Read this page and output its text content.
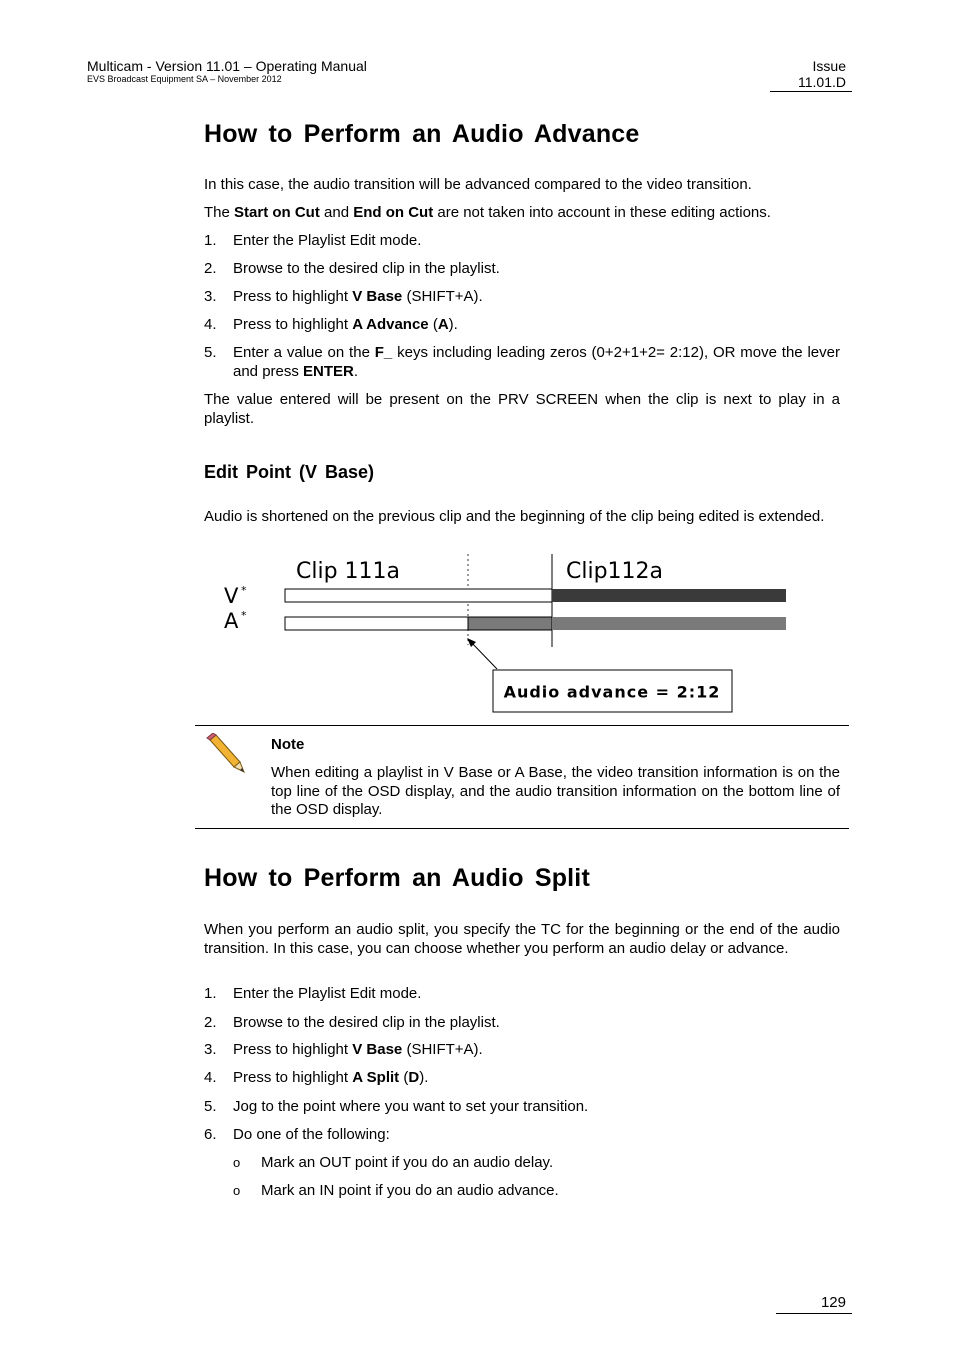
Multicam - Version 11.01 – Operating Manual
EVS Broadcast Equipment SA – November 2012
Issue
11.01.D
How to Perform an Audio Advance
In this case, the audio transition will be advanced compared to the video transition.
The Start on Cut and End on Cut are not taken into account in these editing actions.
1. Enter the Playlist Edit mode.
2. Browse to the desired clip in the playlist.
3. Press to highlight V Base (SHIFT+A).
4. Press to highlight A Advance (A).
5. Enter a value on the F_ keys including leading zeros (0+2+1+2= 2:12), OR move the lever and press ENTER.
The value entered will be present on the PRV SCREEN when the clip is next to play in a playlist.
Edit Point (V Base)
Audio is shortened on the previous clip and the beginning of the clip being edited is extended.
Clip 111a	Clip112a
V *
A *
Audio advance = 2:12
Note
When editing a playlist in V Base or A Base, the video transition information is on the top line of the OSD display, and the audio transition information on the bottom line of the OSD display.
How to Perform an Audio Split
When you perform an audio split, you specify the TC for the beginning or the end of the audio transition. In this case, you can choose whether you perform an audio delay or advance.
1. Enter the Playlist Edit mode.
2. Browse to the desired clip in the playlist.
3. Press to highlight V Base (SHIFT+A).
4. Press to highlight A Split (D).
5. Jog to the point where you want to set your transition.
6. Do one of the following:
o Mark an OUT point if you do an audio delay.
o Mark an IN point if you do an audio advance.
129
